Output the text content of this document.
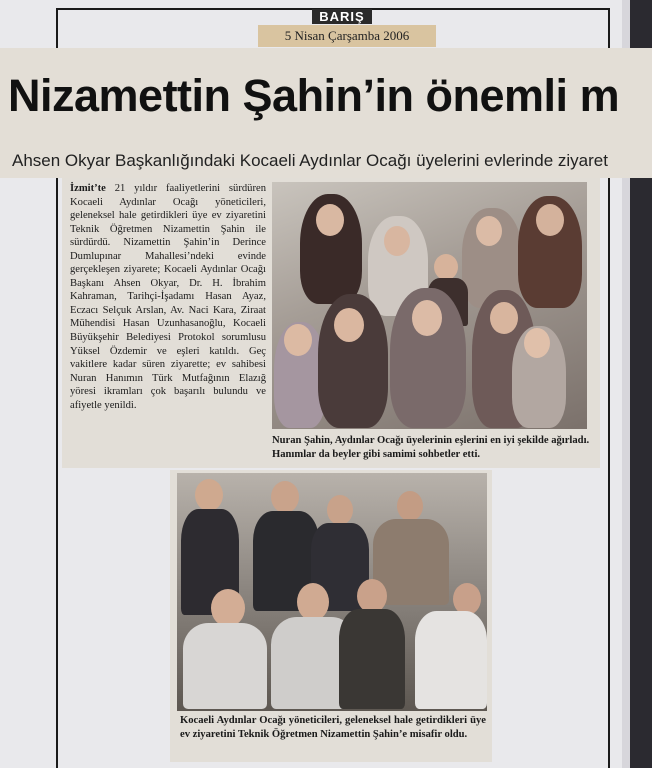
BARIŞ
5 Nisan Çarşamba 2006
Nizamettin Şahin’in önemli m
Ahsen Okyar Başkanlığındaki Kocaeli Aydınlar Ocağı üyelerini evlerinde ziyaret
İzmit’te 21 yıldır faaliyetlerini sürdüren Kocaeli Aydınlar Ocağı yöneticileri, geleneksel hale getirdikleri üye ev ziyaretini Teknik Öğretmen Nizamettin Şahin ile sürdürdü. Nizamettin Şahin’in Derince Dumlupınar Mahallesi’ndeki evinde gerçekleşen ziyarete; Kocaeli Aydınlar Ocağı Başkanı Ahsen Okyar, Dr. H. İbrahim Kahraman, Tarihçi-İşadamı Hasan Ayaz, Eczacı Selçuk Arslan, Av. Naci Kara, Ziraat Mühendisi Hasan Uzunhasanoğlu, Kocaeli Büyükşehir Belediyesi Protokol sorumlusu Yüksel Özdemir ve eşleri katıldı. Geç vakitlere kadar süren ziyarette; ev sahibesi Nuran Hanımın Türk Mutfağının Elazığ yöresi ikramları çok başarılı bulundu ve afiyetle yenildi.
Nuran Şahin, Aydınlar Ocağı üyelerinin eşlerini en iyi şekilde ağırladı. Hanımlar da beyler gibi samimi sohbetler etti.
Kocaeli Aydınlar Ocağı yöneticileri, geleneksel hale getirdikleri üye ev ziyaretini Teknik Öğretmen Nizamettin Şahin’e misafir oldu.
